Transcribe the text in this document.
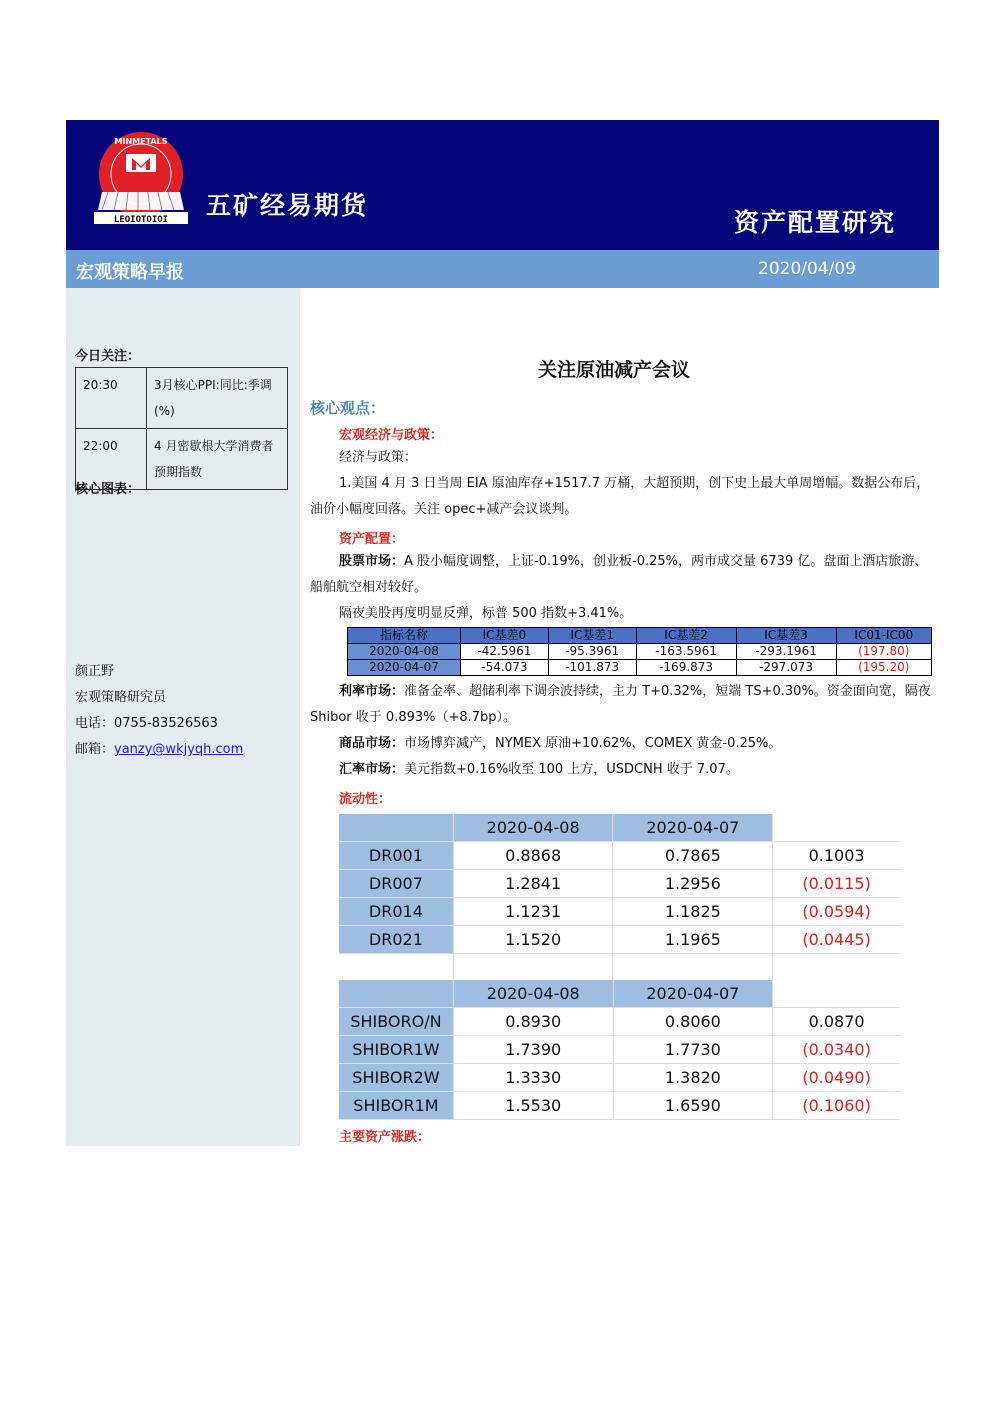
MINMETALS
LEOIOTOIOI 五矿经易期货
资产配置研究
宏观策略早报	2020/04/09
今日关注：
20:30	3月核心PPI:同比:季调(%)
22:00	4 月密歇根大学消费者预期指数
核心图表：
颜正野
宏观策略研究员
电话：0755-83526563
邮箱：yanzy@wkjyqh.com
关注原油减产会议
核心观点：
宏观经济与政策：
经济与政策：
1.美国 4 月 3 日当周 EIA 原油库存+1517.7 万桶，大超预期，创下史上最大单周增幅。数据公布后，油价小幅度回落。关注 opec+减产会议谈判。
资产配置：
股票市场：A 股小幅度调整，上证-0.19%，创业板-0.25%，两市成交量 6739 亿。盘面上酒店旅游、船舶航空相对较好。
隔夜美股再度明显反弹，标普 500 指数+3.41%。
指标名称	IC基差0	IC基差1	IC基差2	IC基差3	IC01-IC00
2020-04-08	-42.5961	-95.3961	-163.5961	-293.1961	(197.80)
2020-04-07	-54.073	-101.873	-169.873	-297.073	(195.20)
利率市场：准备金率、超储利率下调余波持续，主力 T+0.32%，短端 TS+0.30%。资金面向宽，隔夜 Shibor 收于 0.893%（+8.7bp）。
商品市场：市场博弈减产，NYMEX 原油+10.62%，COMEX 黄金-0.25%。
汇率市场：美元指数+0.16%收至 100 上方，USDCNH 收于 7.07。
流动性：
	2020-04-08	2020-04-07	
DR001	0.8868	0.7865	0.1003
DR007	1.2841	1.2956	(0.0115)
DR014	1.1231	1.1825	(0.0594)
DR021	1.1520	1.1965	(0.0445)

	2020-04-08	2020-04-07	
SHIBORO/N	0.8930	0.8060	0.0870
SHIBOR1W	1.7390	1.7730	(0.0340)
SHIBOR2W	1.3330	1.3820	(0.0490)
SHIBOR1M	1.5530	1.6590	(0.1060)
主要资产涨跌：
